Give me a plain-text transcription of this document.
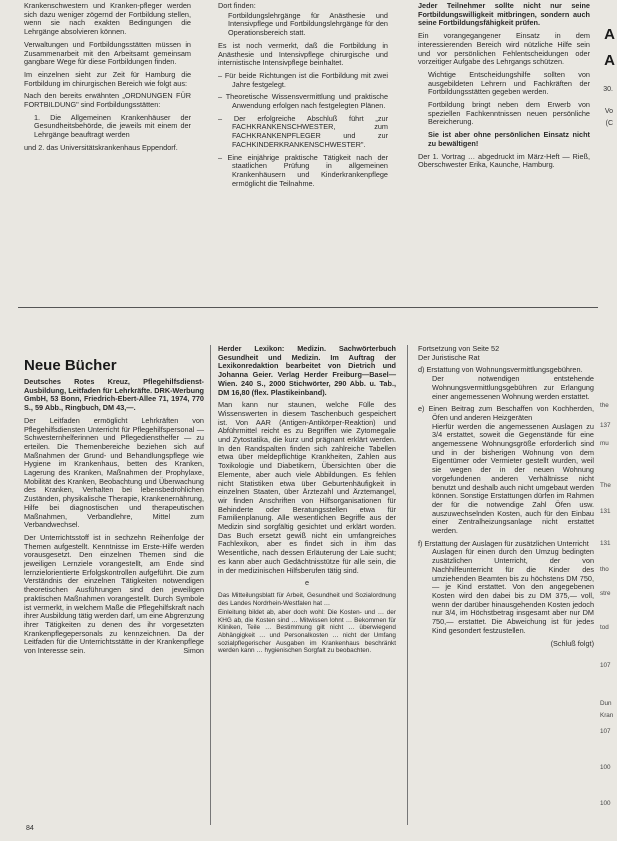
Krankenschwestern und Kranken-pfleger werden sich dazu weniger zögernd der Fortbildung stellen, wenn sie nach exakten Bedingungen die Lehrgänge absolvieren können.

Verwaltungen und Fortbildungsstätten müssen in Zusammenarbeit mit den Arbeitsamt gemeinsam gangbare Wege für diese Fortbildungen finden.

Im einzelnen sieht zur Zeit für Hamburg die Fortbildung im chirurgischen Bereich wie folgt aus:

Nach den bereits erwähnten „ORDNUNGEN FÜR FORTBILDUNG" sind Fortbildungsstätten:

1. Die Allgemeinen Krankenhäuser der Gesundheitsbehörde, die jeweils mit einem der Lehrgänge beauftragt werden

und 2. das Universitätskrankenhaus Eppendorf.

Dort finden:

Fortbildungslehrgänge für Anästhesie und Intensivpflege und Fortbildungslehrgänge für den Operationsbereich statt.

Es ist noch vermerkt, daß die Fortbildung in Anästhesie und Intensivpflege chirurgische und internistische Intensivpflege beinhaltet.

– Für beide Richtungen ist die Fortbildung mit zwei Jahre festgelegt.

– Theoretische Wissensvermittlung und praktische Anwendung erfolgen nach festgelegten Plänen.

– Der erfolgreiche Abschluß führt „zur FACHKRANKENSCHWESTER, zum FACHKRANKENPFLEGER und zur FACHKINDERKRANKENSCHWESTER".

– Eine einjährige praktische Tätigkeit nach der staatlichen Prüfung in allgemeinen Krankenhäusern und Kinderkrankenpflege ermöglicht die Teilnahme.

Jeder Teilnehmer sollte nicht nur seine Fortbildungswilligkeit mitbringen, sondern auch seine Fortbildungsfähigkeit prüfen.

Ein vorangegangener Einsatz in dem interessierenden Bereich wird nützliche Hilfe sein und vor persönlichen Fehlentscheidungen oder vorzeitiger Aufgabe des Lehrgangs schützen.

Wichtige Entscheidungshilfe sollten von ausgebildeten Lehrern und Fachkräften der Fortbildungsstätten gegeben werden.

Fortbildung bringt neben dem Erwerb von speziellen Fachkenntnissen neuen persönliche Bereicherung.

Sie ist aber ohne persönlichen Einsatz nicht zu bewältigen!

Der 1. Vortrag … abgedruckt im März-Heft — Rieß, Oberschwester Erika, Kaunche, Hamburg.

A
A
30.
Vo
(C
Neue Bücher

Deutsches Rotes Kreuz, Pflegehilfsdienst-Ausbildung, Leitfaden für Lehrkräfte. DRK-Werbung GmbH, 53 Bonn, Friedrich-Ebert-Allee 71, 1974, 770 S., 59 Abb., Ringbuch, DM 43,—.

Der Leitfaden ermöglicht Lehrkräften von Pflegehilfsdiensten Unterricht für Pflegehilfspersonal — Schwesternhelferinnen und Pflegediensthelfer — zu erteilen. Die Themenbereiche beziehen sich auf Maßnahmen der Grund- und Behandlungspflege wie Hygiene im Krankenhaus, betten des Kranken, Lagerung des Kranken, Maßnahmen der Prophylaxe, Mobilität des Kranken, Beobachtung und Überwachung des Kranken, Verhalten bei lebensbedrohlichen Zuständen, physikalische Therapie, Krankenernährung, Hilfe bei diagnostischen und therapeutischen Maßnahmen, Verbandlehre, Mittel zum Verbandwechsel.

Der Unterrichtsstoff ist in sechzehn Reihenfolge der Themen aufgestellt. Kenntnisse im Erste-Hilfe werden vorausgesetzt. Den einzelnen Themen sind die jeweiligen Lernziele vorangestellt, am Ende sind lernzielorientierte Erfolgskontrollen aufgeführt. Die zum Verständnis der einzelnen Tätigkeiten notwendigen theoretischen Ausführungen sind den jeweiligen praktischen Maßnahmen vorangestellt. Durch Symbole ist vermerkt, in welchem Maße die Pflegehilfskraft nach ihrer Ausbildung tätig werden darf, um eine Abgrenzung ihrer Tätigkeiten zu denen des ihr vorgesetzten Krankenpflegepersonals zu kennzeichnen. Da der Leitfaden für die Unterrichtsstätte in der Krankenpflege von Interesse sein.	Simon

Herder Lexikon: Medizin. Sachwörterbuch Gesundheit und Medizin. Im Auftrag der Lexikonredaktion bearbeitet von Dietrich und Johanna Geier. Verlag Herder Freiburg—Basel—Wien. 240 S., 2000 Stichwörter, 290 Abb. u. Tab., DM 16,80 (flex. Plastikeinband).

Man kann nur staunen, welche Fülle des Wissenswerten in diesem Taschenbuch gespeichert ist. Von AAR (Antigen-Antikörper-Reaktion) und Abführmittel reicht es zu Begriffen wie Zytomegalie und Zytostatika, die kurz und prägnant erklärt werden. In den Randspalten finden sich zahlreiche Tabellen etwa über meldepflichtige Krankheiten, Zahlen aus Toxikologie und Diabetikern, Übersichten über die Elemente, aber auch viele Abbildungen. Es fehlen nicht Statistiken etwa über Geburtenhäufigkeit in einzelnen Staaten, über Ärztezahl und Ärztemangel, wir finden Anschriften von Hilfsorganisationen für Behinderte oder Beratungsstellen etwa für Familienplanung. Alle wesentlichen Begriffe aus der Medizin sind sorgfältig gesichtet und erklärt worden. Das Buch ersetzt gewiß nicht ein umfangreiches Fachlexikon, aber es findet sich in ihm das Wesentliche, nach dessen Erläuterung der Laie sucht; es kann aber auch Gedächtnisstütze für alle sein, die in der medizinischen Hilfsberufen tätig sind.

e

Das Mitteilungsblatt für Arbeit, Gesundheit und Sozialordnung des Landes Nordrhein-Westfalen hat …

Einleitung bildet ab, aber doch wohl: Die Kosten- und … der KHG ab, die Kosten sind … Mitwissen lohnt … Bekommen für Kliniken, Teile … Bestimmung gilt nicht … überwiegend Abhängigkeit … und Personalkosten … nicht der Umfang sozialpflegerischer Ausgaben im Krankenhaus beschränkt werden kann … hygienischen Sorgfalt zu beobachten.

Fortsetzung von Seite 52
Der Juristische Rat

d) Erstattung von Wohnungsvermittlungsgebühren.
Der notwendigen entstehende Wohnungsvermittlungsgebühren zur Erlangung einer angemessenen Wohnung werden erstattet.

e) Einen Beitrag zum Beschaffen von Kochherden, Öfen und anderen Heizgeräten
Hierfür werden die angemessenen Auslagen zu 3/4 erstattet, soweit die Gegenstände für eine angemessene Wohnungsgröße erforderlich sind und in der bisherigen Wohnung von dem Eigentümer oder Vermieter gestellt wurden, weil sie wegen der in der neuen Wohnung vorgefundenen anderen Verhältnisse nicht benutzt und deshalb auch nicht umgebaut werden können. Sonstige Erstattungen dürfen im Rahmen der für die notwendige Zahl Öfen usw. auszuwechselnden Kosten, auch für den Einbau einer Zentralheizungsanlage nicht erstattet werden.

f) Erstattung der Auslagen für zusätzlichen Unterricht
Auslagen für einen durch den Umzug bedingten zusätzlichen Unterricht, der von Nachhilfeunterricht für die Kinder des umziehenden Beamten bis zu höchstens DM 750,— je Kind erstattet. Von den angegebenen Kosten wird den dabei bis zu DM 375,— voll, wenn der darüber hinausgehenden Kosten jedoch nur 3/4, im Höchstbetrag insgesamt aber nur DM 750,— erstattet. Die Abweichung ist für jedes Kind gesondert festzustellen.

(Schluß folgt)

the
137
mu
The
131
131
tho
stre
tod
107
Dun
Kran
107
100
100
84
